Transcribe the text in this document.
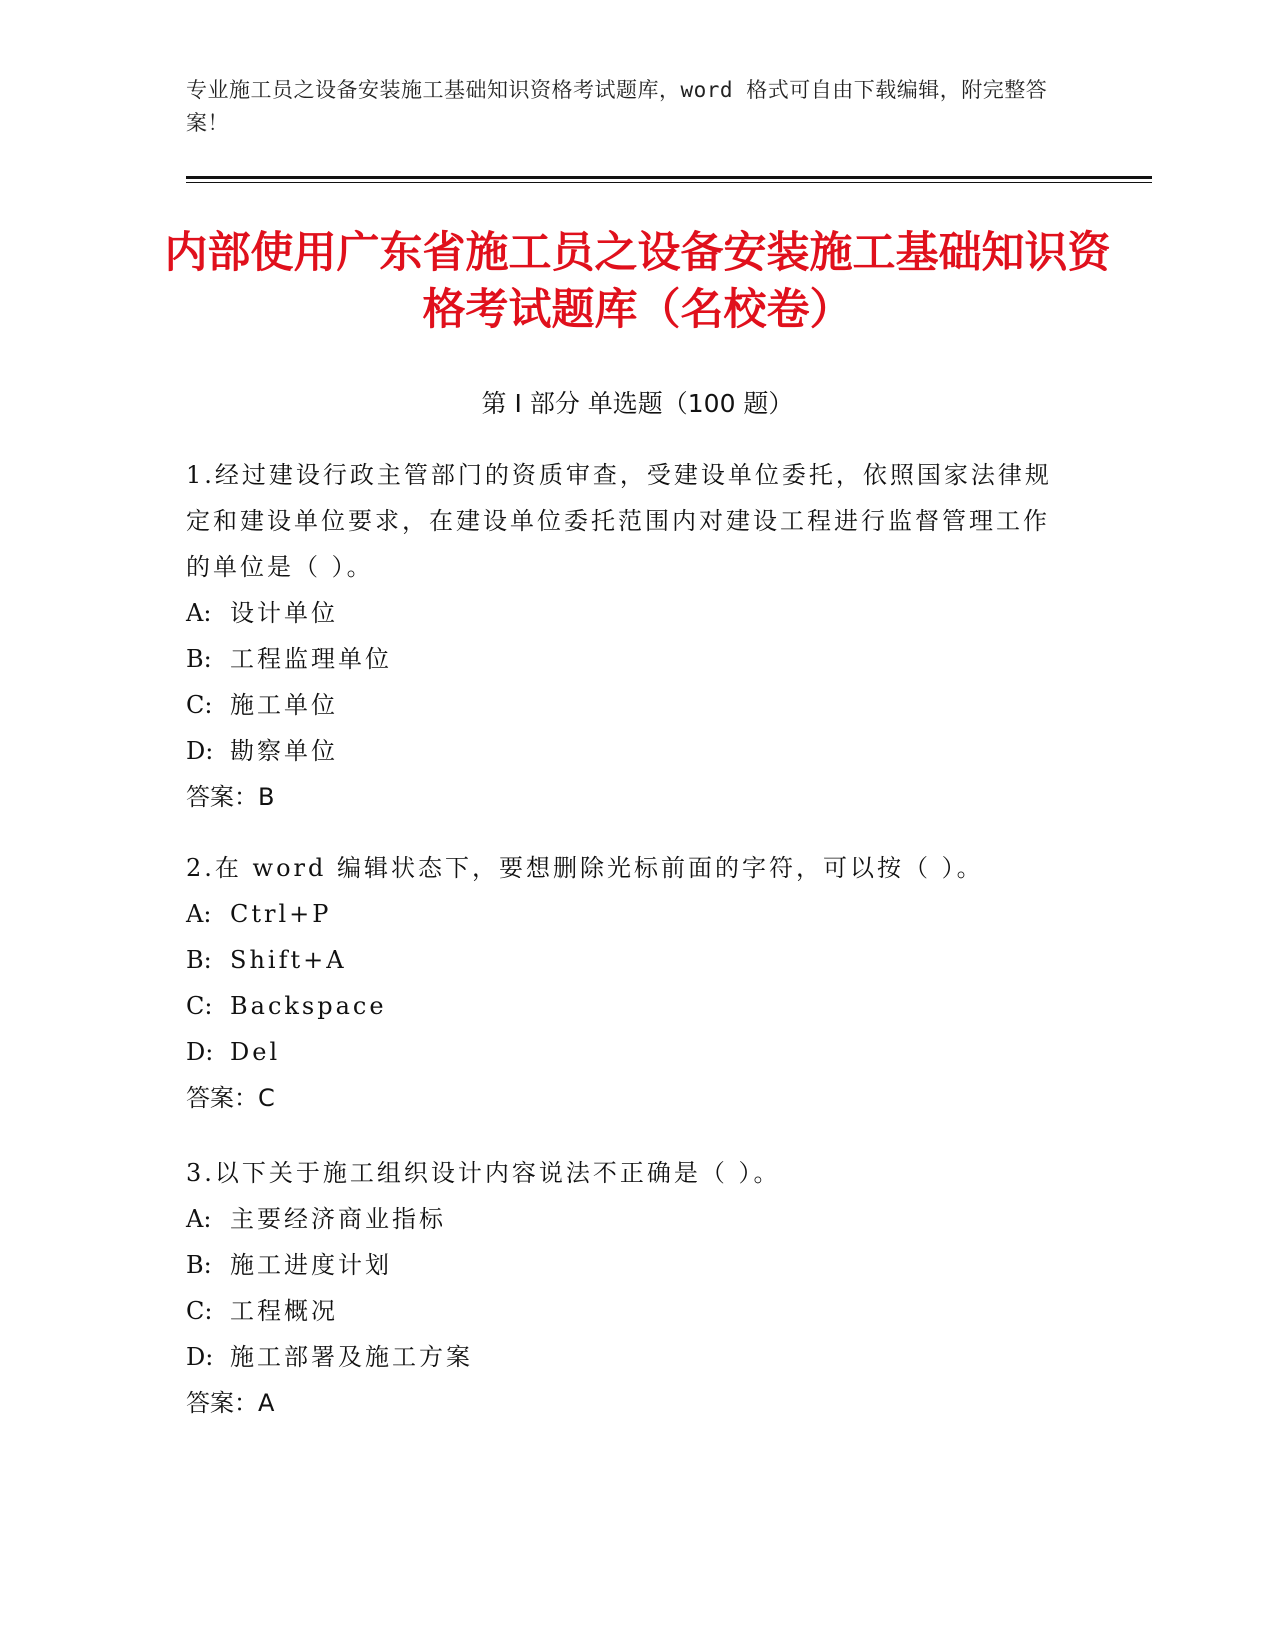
专业施工员之设备安装施工基础知识资格考试题库，word 格式可自由下载编辑，附完整答案！
内部使用广东省施工员之设备安装施工基础知识资格考试题库（名校卷）
第 I 部分 单选题（100 题）
1.经过建设行政主管部门的资质审查，受建设单位委托，依照国家法律规定和建设单位要求，在建设单位委托范围内对建设工程进行监督管理工作的单位是（ ）。
A: 设计单位
B: 工程监理单位
C: 施工单位
D: 勘察单位
答案：B
2.在 word 编辑状态下，要想删除光标前面的字符，可以按（ ）。
A: Ctrl+P
B: Shift+A
C: Backspace
D: Del
答案：C
3.以下关于施工组织设计内容说法不正确是（ ）。
A: 主要经济商业指标
B: 施工进度计划
C: 工程概况
D: 施工部署及施工方案
答案：A
